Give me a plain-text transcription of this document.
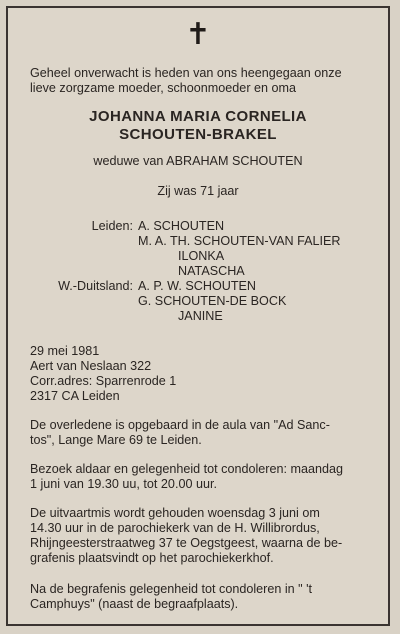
✝
Geheel onverwacht is heden van ons heengegaan onze
lieve zorgzame moeder, schoonmoeder en oma
JOHANNA MARIA CORNELIA
SCHOUTEN-BRAKEL
weduwe van ABRAHAM SCHOUTEN
Zij was 71 jaar
Leiden: A. SCHOUTEN
M. A. TH. SCHOUTEN-VAN FALIER
ILONKA
NATASCHA
W.-Duitsland: A. P. W. SCHOUTEN
G. SCHOUTEN-DE BOCK
JANINE
29 mei 1981
Aert van Neslaan 322
Corr.adres: Sparrenrode 1
2317 CA Leiden
De overledene is opgebaard in de aula van "Ad Sanc-
tos", Lange Mare 69 te Leiden.
Bezoek aldaar en gelegenheid tot condoleren: maandag
1 juni van 19.30 uu, tot 20.00 uur.
De uitvaartmis wordt gehouden woensdag 3 juni om
14.30 uur in de parochiekerk van de H. Willibrordus,
Rhijngeesterstraatweg 37 te Oegstgeest, waarna de be-
grafenis plaatsvindt op het parochiekerkhof.
Na de begrafenis gelegenheid tot condoleren in " 't
Camphuys" (naast de begraafplaats).
